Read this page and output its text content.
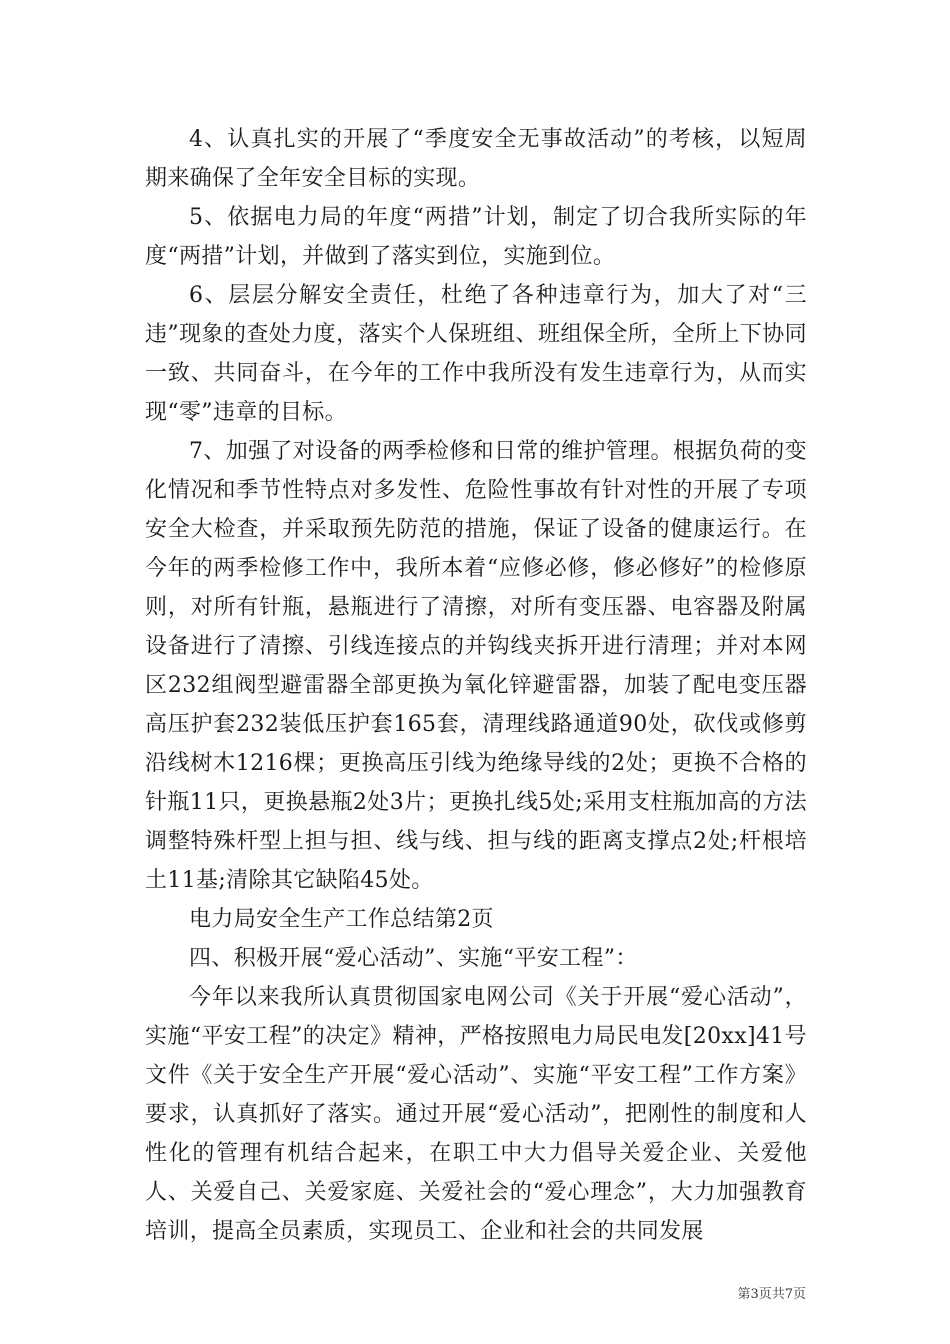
4、认真扎实的开展了“季度安全无事故活动”的考核，以短周期来确保了全年安全目标的实现。

5、依据电力局的年度“两措”计划，制定了切合我所实际的年度“两措”计划，并做到了落实到位，实施到位。

6、层层分解安全责任，杜绝了各种违章行为，加大了对“三违”现象的查处力度，落实个人保班组、班组保全所，全所上下协同一致、共同奋斗，在今年的工作中我所没有发生违章行为，从而实现“零”违章的目标。

7、加强了对设备的两季检修和日常的维护管理。根据负荷的变化情况和季节性特点对多发性、危险性事故有针对性的开展了专项安全大检查，并采取预先防范的措施，保证了设备的健康运行。在今年的两季检修工作中，我所本着“应修必修，修必修好”的检修原则，对所有针瓶，悬瓶进行了清擦，对所有变压器、电容器及附属设备进行了清擦、引线连接点的并钩线夹拆开进行清理；并对本网区232组阀型避雷器全部更换为氧化锌避雷器，加装了配电变压器高压护套232装低压护套165套，清理线路通道90处，砍伐或修剪沿线树木1216棵；更换高压引线为绝缘导线的2处；更换不合格的针瓶11只，更换悬瓶2处3片；更换扎线5处;采用支柱瓶加高的方法调整特殊杆型上担与担、线与线、担与线的距离支撑点2处;杆根培土11基;清除其它缺陷45处。

电力局安全生产工作总结第2页

四、积极开展“爱心活动”、实施“平安工程”：

今年以来我所认真贯彻国家电网公司《关于开展“爱心活动”，实施“平安工程”的决定》精神，严格按照电力局民电发[20xx]41号文件《关于安全生产开展“爱心活动”、实施“平安工程”工作方案》要求，认真抓好了落实。通过开展“爱心活动”，把刚性的制度和人性化的管理有机结合起来，在职工中大力倡导关爱企业、关爱他人、关爱自己、关爱家庭、关爱社会的“爱心理念”，大力加强教育培训，提高全员素质，实现员工、企业和社会的共同发展

第3页共7页
